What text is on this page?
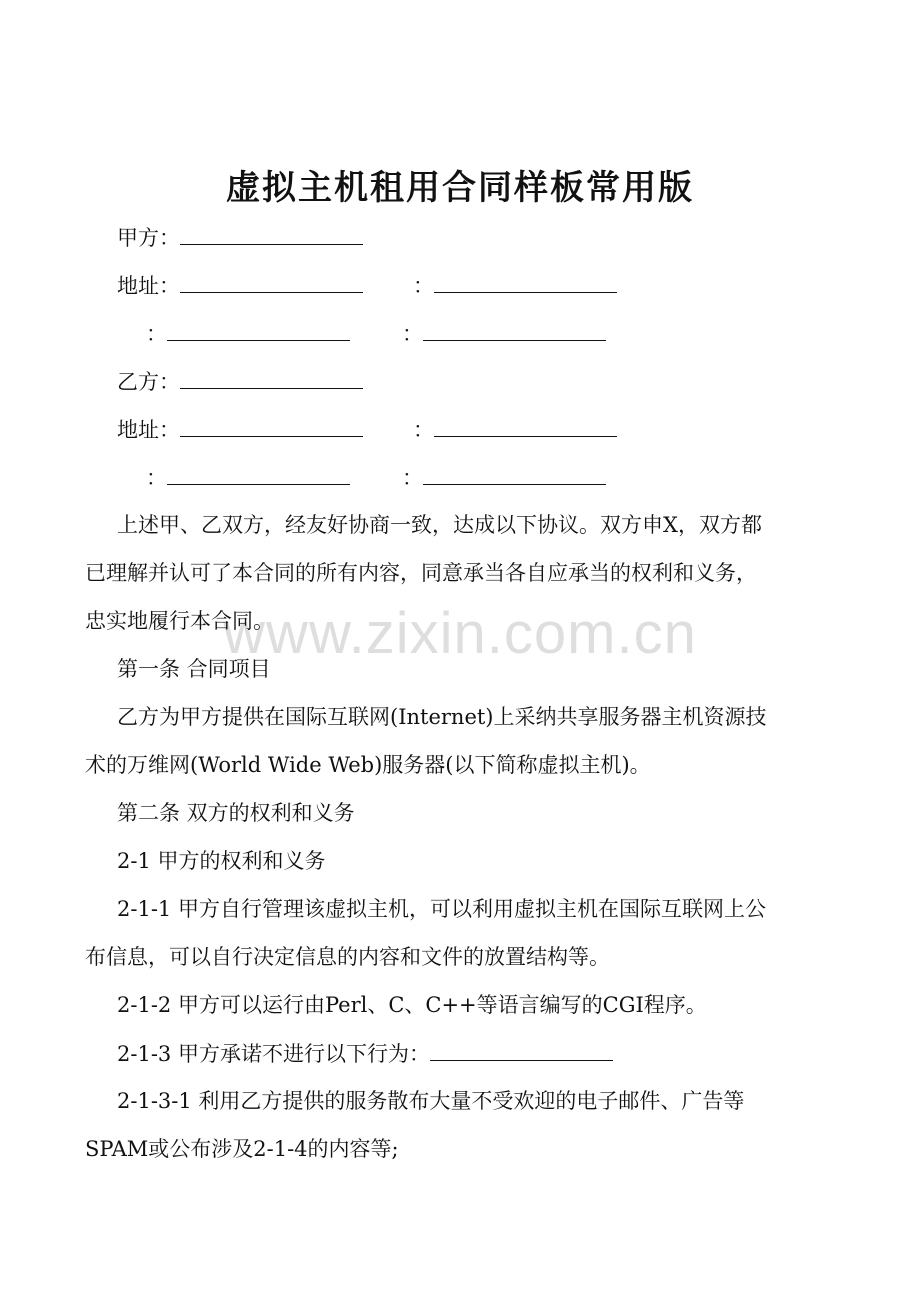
虚拟主机租用合同样板常用版
www.zixin.com.cn
甲方：
地址：	：
：	：
乙方：
地址：	：
：	：
上述甲、乙双方，经友好协商一致，达成以下协议。双方申X，双方都
已理解并认可了本合同的所有内容，同意承当各自应承当的权利和义务，
忠实地履行本合同。
第一条 合同项目
乙方为甲方提供在国际互联网(Internet)上采纳共享服务器主机资源技
术的万维网(World Wide Web)服务器(以下简称虚拟主机)。
第二条 双方的权利和义务
2-1 甲方的权利和义务
2-1-1 甲方自行管理该虚拟主机，可以利用虚拟主机在国际互联网上公
布信息，可以自行决定信息的内容和文件的放置结构等。
2-1-2 甲方可以运行由Perl、C、C++等语言编写的CGI程序。
2-1-3 甲方承诺不进行以下行为：
2-1-3-1 利用乙方提供的服务散布大量不受欢迎的电子邮件、广告等
SPAM或公布涉及2-1-4的内容等;
